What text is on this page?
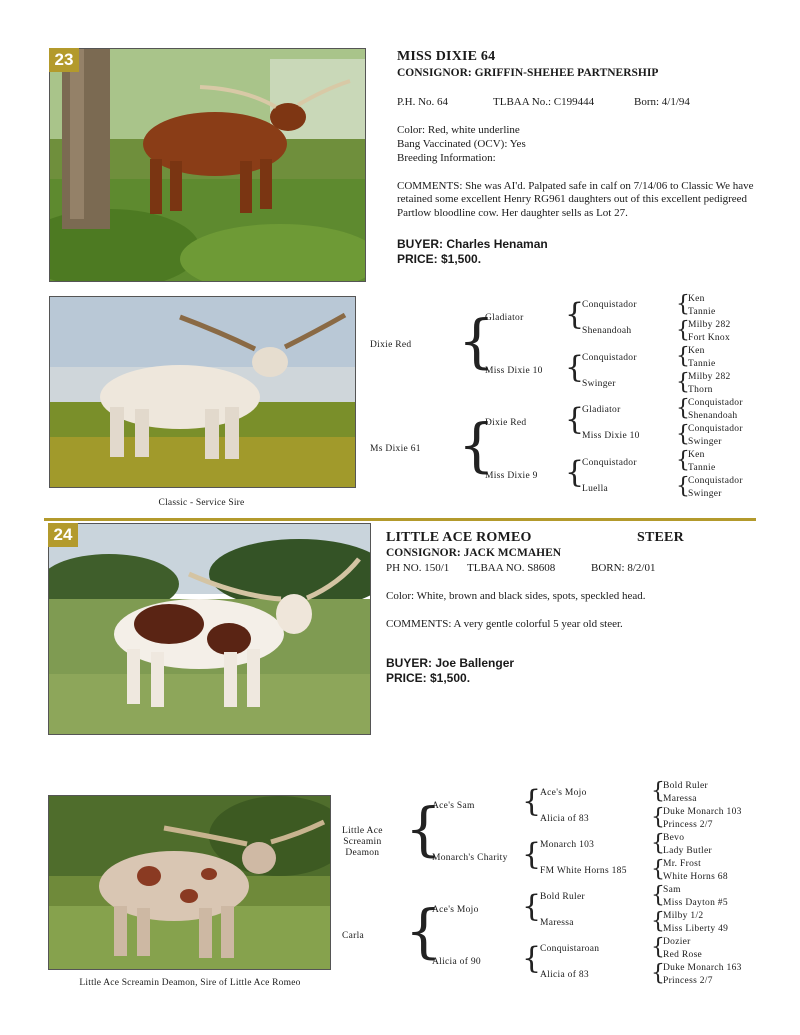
23	MISS DIXIE 64
CONSIGNOR: GRIFFIN-SHEHEE PARTNERSHIP
P.H. No. 64	TLBAA No.: C199444	Born: 4/1/94
Color: Red, white underline
Bang Vaccinated (OCV): Yes
Breeding Information:
COMMENTS: She was AI'd. Palpated safe in calf on 7/14/06 to Classic We have retained some excellent Henry RG961 daughters out of this excellent pedigreed Partlow bloodline cow. Her daughter sells as Lot 27.
BUYER: Charles Henaman
PRICE: $1,500.
Classic - Service Sire
Dixie Red
Ms Dixie 61
{
{
Gladiator
Miss Dixie 10
Dixie Red
Miss Dixie 9
{
{
{
{
Conquistador
Shenandoah
Conquistador
Swinger
Gladiator
Miss Dixie 10
Conquistador
Luella
{
{
{
{
{
{
{
{
Ken
Tannie
Milby 282
Fort Knox
Ken
Tannie
Milby 282
Thorn
Conquistador
Shenandoah
Conquistador
Swinger
Ken
Tannie
Conquistador
Swinger
24	LITTLE ACE ROMEO	STEER
CONSIGNOR: JACK MCMAHEN
PH NO. 150/1 TLBAA NO. S8608	BORN: 8/2/01
Color: White, brown and black sides, spots, speckled head.
COMMENTS: A very gentle colorful 5 year old steer.
BUYER: Joe Ballenger
PRICE: $1,500.
Little Ace Screamin Deamon, Sire of Little Ace Romeo
Little Ace
Screamin
Deamon
Carla
{
{
Ace's Sam
Monarch's Charity
Ace's Mojo
Alicia of 90
{
{
{
{
Ace's Mojo
Alicia of 83
Monarch 103
FM White Horns 185
Bold Ruler
Maressa
Conquistaroan
Alicia of 83
{
{
{
{
{
{
{
{
Bold Ruler
Maressa
Duke Monarch 103
Princess 2/7
Bevo
Lady Butler
Mr. Frost
White Horns 68
Sam
Miss Dayton #5
Milby 1/2
Miss Liberty 49
Dozier
Red Rose
Duke Monarch 163
Princess 2/7
